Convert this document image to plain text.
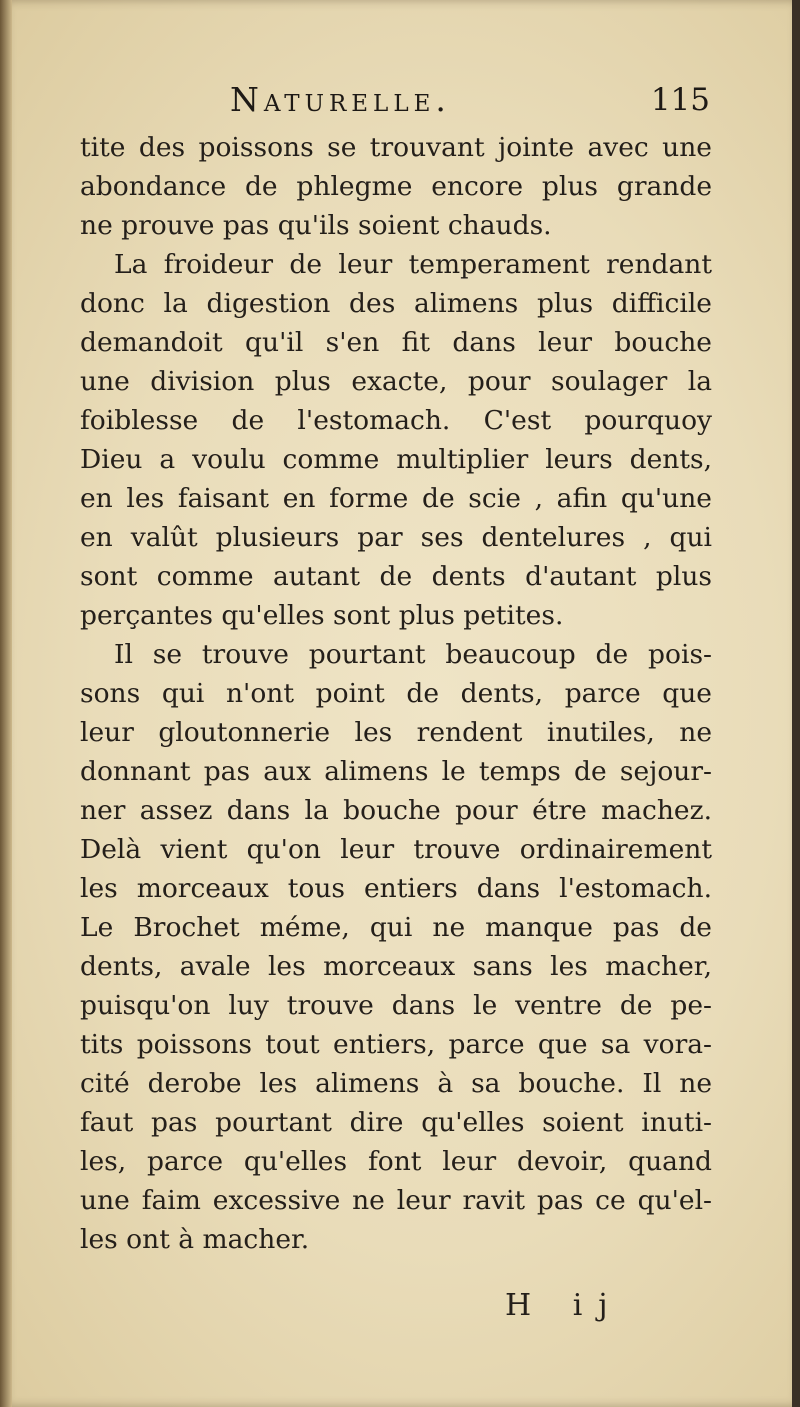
Naturelle.	115
tite des poissons se trouvant jointe avec une
abondance de phlegme encore plus grande
ne prouve pas qu'ils soient chauds.
La froideur de leur temperament rendant
donc la digestion des alimens plus difficile
demandoit qu'il s'en fit dans leur bouche
une division plus exacte, pour soulager la
foiblesse de l'estomach. C'est pourquoy
Dieu a voulu comme multiplier leurs dents,
en les faisant en forme de scie , afin qu'une
en valût plusieurs par ses dentelures , qui
sont comme autant de dents d'autant plus
perçantes qu'elles sont plus petites.
Il se trouve pourtant beaucoup de pois-
sons qui n'ont point de dents, parce que
leur gloutonnerie les rendent inutiles, ne
donnant pas aux alimens le temps de sejour-
ner assez dans la bouche pour étre machez.
Delà vient qu'on leur trouve ordinairement
les morceaux tous entiers dans l'estomach.
Le Brochet méme, qui ne manque pas de
dents, avale les morceaux sans les macher,
puisqu'on luy trouve dans le ventre de pe-
tits poissons tout entiers, parce que sa vora-
cité derobe les alimens à sa bouche. Il ne
faut pas pourtant dire qu'elles soient inuti-
les, parce qu'elles font leur devoir, quand
une faim excessive ne leur ravit pas ce qu'el-
les ont à macher.
H ij
